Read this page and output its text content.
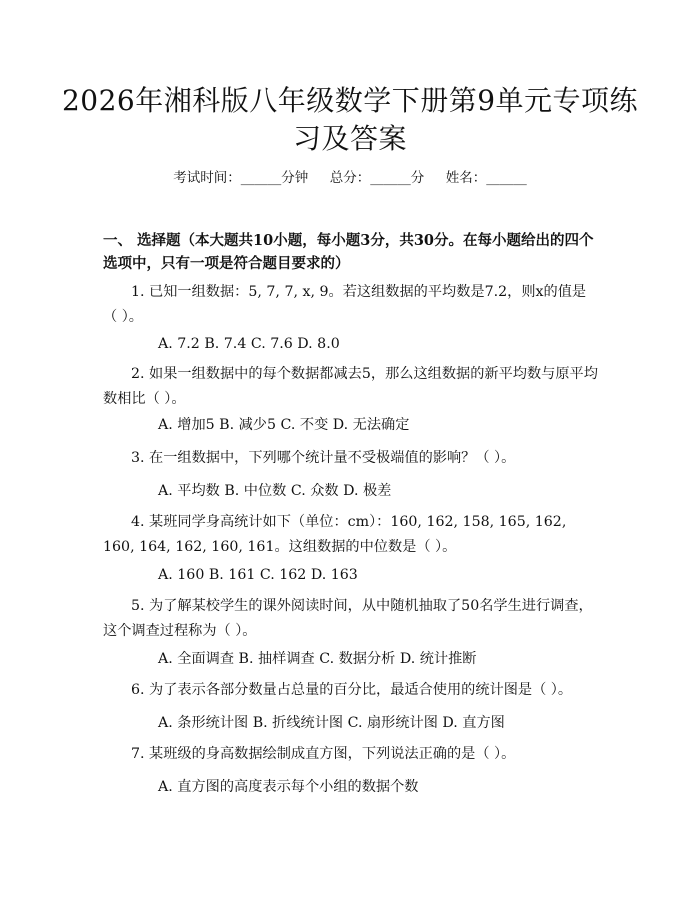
2026年湘科版八年级数学下册第9单元专项练习及答案
考试时间：______分钟     总分：______分     姓名：______
一、 选择题（本大题共10小题，每小题3分，共30分。在每小题给出的四个选项中，只有一项是符合题目要求的）
1. 已知一组数据：5, 7, 7, x, 9。若这组数据的平均数是7.2，则x的值是（ ）。
A. 7.2 B. 7.4 C. 7.6 D. 8.0
2. 如果一组数据中的每个数据都减去5，那么这组数据的新平均数与原平均数相比（ ）。
A. 增加5 B. 减少5 C. 不变 D. 无法确定
3. 在一组数据中，下列哪个统计量不受极端值的影响？（ ）。
A. 平均数 B. 中位数 C. 众数 D. 极差
4. 某班同学身高统计如下（单位：cm）：160, 162, 158, 165, 162, 160, 164, 162, 160, 161。这组数据的中位数是（ ）。
A. 160 B. 161 C. 162 D. 163
5. 为了解某校学生的课外阅读时间，从中随机抽取了50名学生进行调查，这个调查过程称为（ ）。
A. 全面调查 B. 抽样调查 C. 数据分析 D. 统计推断
6. 为了表示各部分数量占总量的百分比，最适合使用的统计图是（ ）。
A. 条形统计图 B. 折线统计图 C. 扇形统计图 D. 直方图
7. 某班级的身高数据绘制成直方图，下列说法正确的是（ ）。
A. 直方图的高度表示每个小组的数据个数
